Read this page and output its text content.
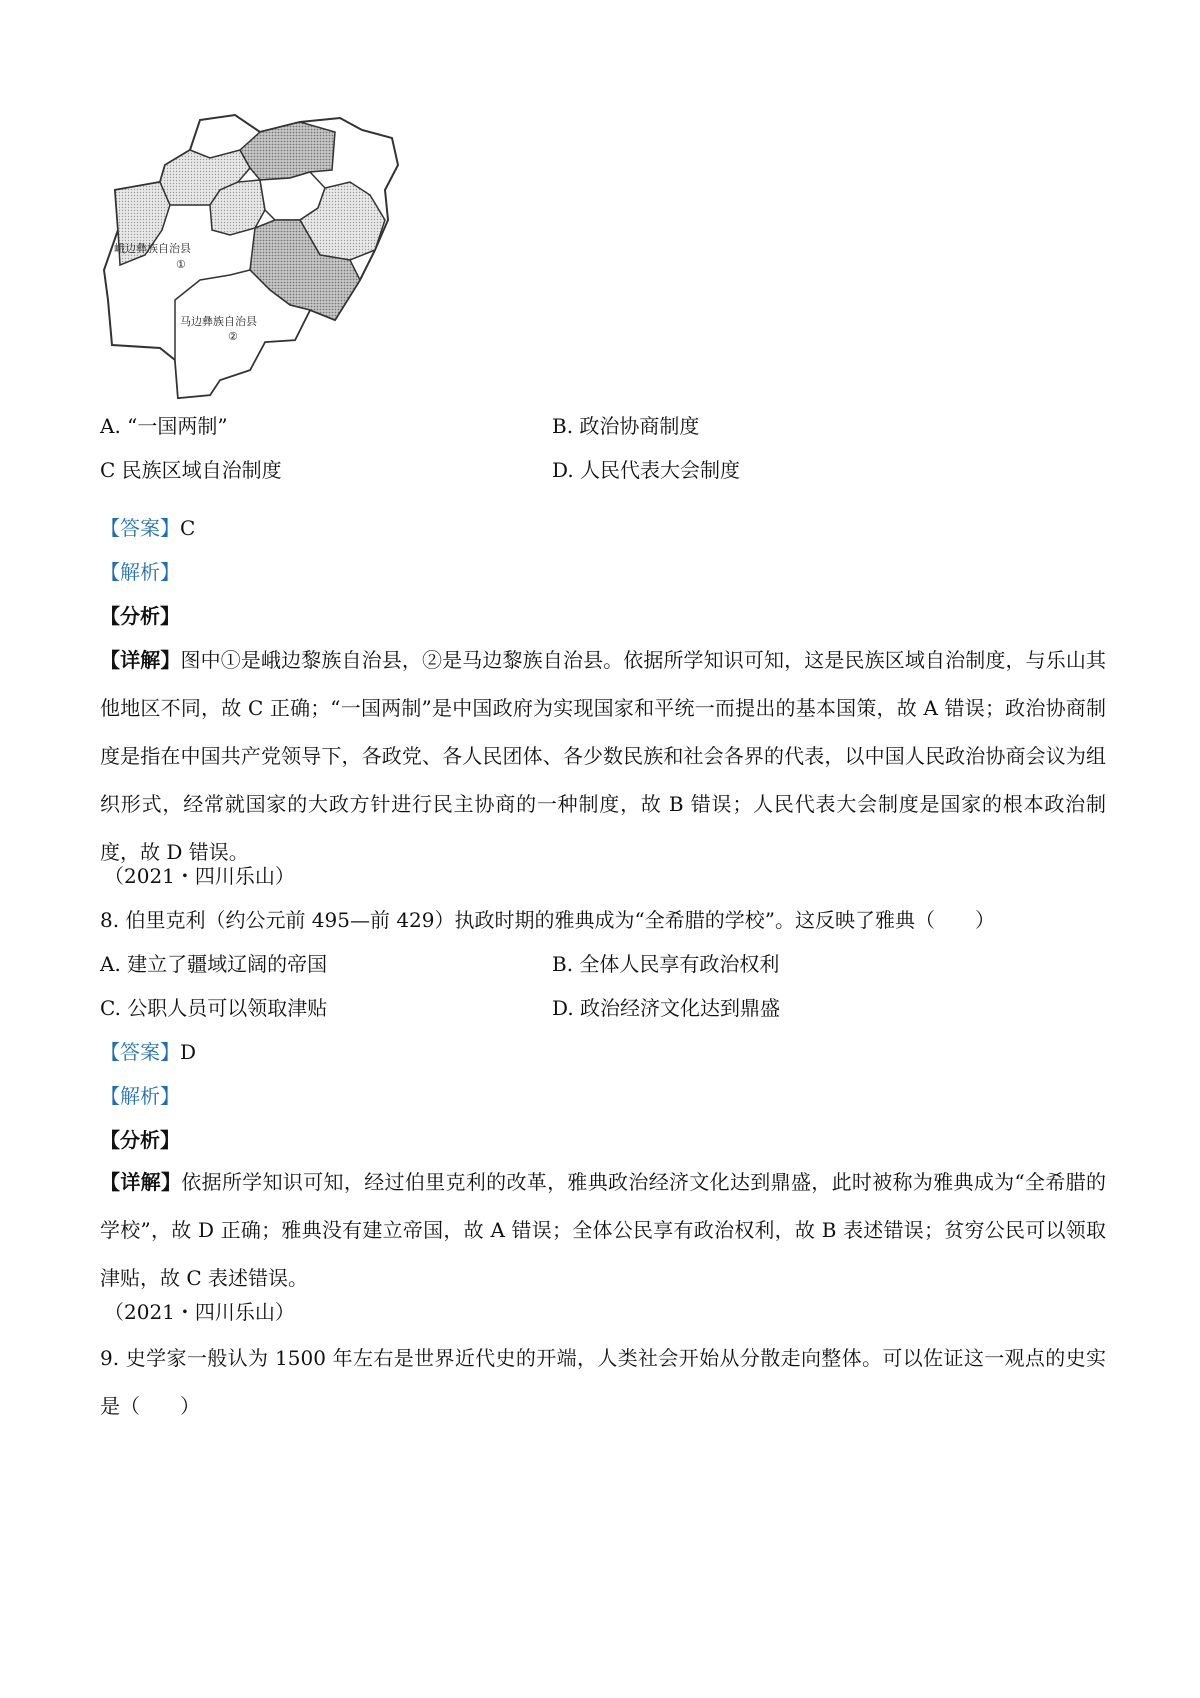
峨边彝族自治县
①
马边彝族自治县
②
A. “一国两制”	B. 政治协商制度
C 民族区域自治制度	D. 人民代表大会制度
【答案】C
【解析】
【分析】
【详解】图中①是峨边黎族自治县，②是马边黎族自治县。依据所学知识可知，这是民族区域自治制度，与乐山其他地区不同，故 C 正确；“一国两制”是中国政府为实现国家和平统一而提出的基本国策，故 A 错误；政治协商制度是指在中国共产党领导下，各政党、各人民团体、各少数民族和社会各界的代表，以中国人民政治协商会议为组织形式，经常就国家的大政方针进行民主协商的一种制度，故 B 错误；人民代表大会制度是国家的根本政治制度，故 D 错误。
（2021・四川乐山）
8. 伯里克利（约公元前 495—前 429）执政时期的雅典成为“全希腊的学校”。这反映了雅典（　　）
A. 建立了疆域辽阔的帝国	B. 全体人民享有政治权利
C. 公职人员可以领取津贴	D. 政治经济文化达到鼎盛
【答案】D
【解析】
【分析】
【详解】依据所学知识可知，经过伯里克利的改革，雅典政治经济文化达到鼎盛，此时被称为雅典成为“全希腊的学校”，故 D 正确；雅典没有建立帝国，故 A 错误；全体公民享有政治权利，故 B 表述错误；贫穷公民可以领取津贴，故 C 表述错误。
（2021・四川乐山）
9. 史学家一般认为 1500 年左右是世界近代史的开端，人类社会开始从分散走向整体。可以佐证这一观点的史实是（　　）
